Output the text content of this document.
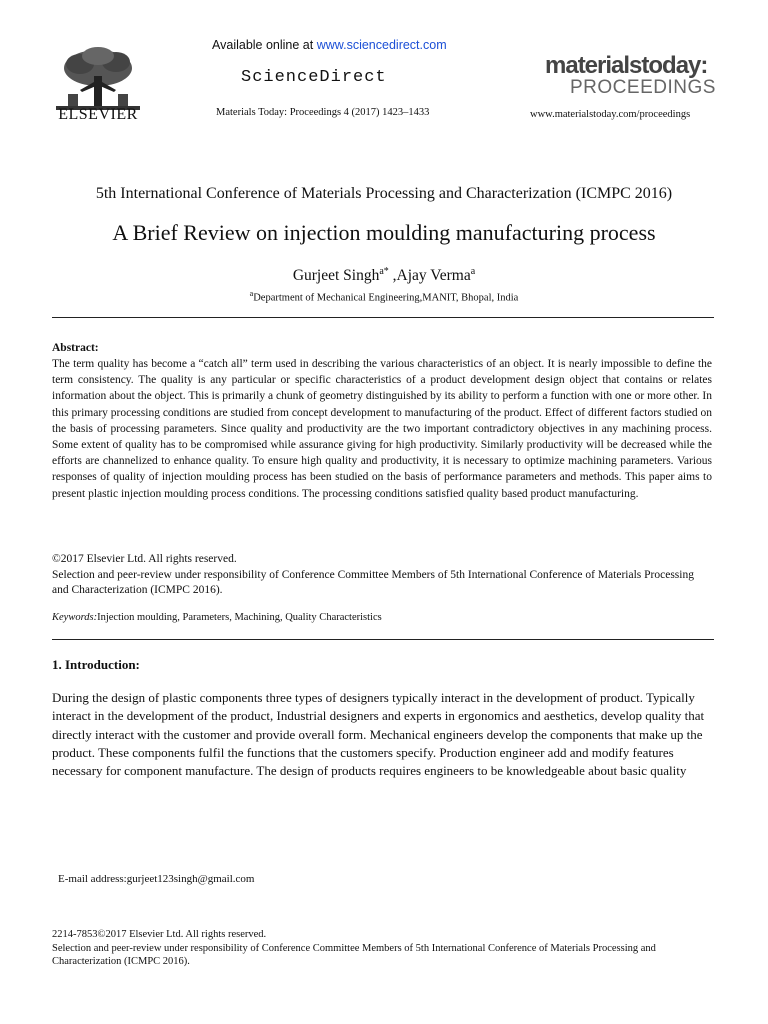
ELSEVIER
Available online at www.sciencedirect.com
ScienceDirect
Materials Today: Proceedings 4 (2017) 1423–1433
materialstoday:
PROCEEDINGS
www.materialstoday.com/proceedings
5th International Conference of Materials Processing and Characterization (ICMPC 2016)
A Brief Review on injection moulding manufacturing process
Gurjeet Singh$^{a*}$ ,Ajay Verma$^a$
$^a$Department of Mechanical Engineering,MANIT, Bhopal, India
Abstract:
The term quality has become a “catch all” term used in describing the various characteristics of an object. It is nearly impossible to define the term consistency. The quality is any particular or specific characteristics of a product development design object that contains or relates information about the object. This is primarily a chunk of geometry distinguished by its ability to perform a function with one or more other. In this primary processing conditions are studied from concept development to manufacturing of the product. Effect of different factors studied on the basis of processing parameters. Since quality and productivity are the two important contradictory objectives in any machining process. Some extent of quality has to be compromised while assurance giving for high productivity. Similarly productivity will be decreased while the efforts are channelized to enhance quality. To ensure high quality and productivity, it is necessary to optimize machining parameters. Various responses of quality of injection moulding process has been studied on the basis of performance parameters and methods. This paper aims to present plastic injection moulding process conditions. The processing conditions satisfied quality based product manufacturing.
©2017 Elsevier Ltd. All rights reserved.
Selection and peer-review under responsibility of Conference Committee Members of 5th International Conference of Materials Processing and Characterization (ICMPC 2016).
Keywords:Injection moulding, Parameters, Machining, Quality Characteristics
1. Introduction:
During the design of plastic components three types of designers typically interact in the development of product. Typically interact in the development of the product, Industrial designers and experts in ergonomics and aesthetics, develop quality that directly interact with the customer and provide overall form. Mechanical engineers develop the components that make up the product. These components fulfil the functions that the customers specify. Production engineer add and modify features necessary for component manufacture. The design of products requires engineers to be knowledgeable about basic quality
E-mail address:gurjeet123singh@gmail.com
2214-7853©2017 Elsevier Ltd. All rights reserved.
Selection and peer-review under responsibility of Conference Committee Members of 5th International Conference of Materials Processing and Characterization (ICMPC 2016).
